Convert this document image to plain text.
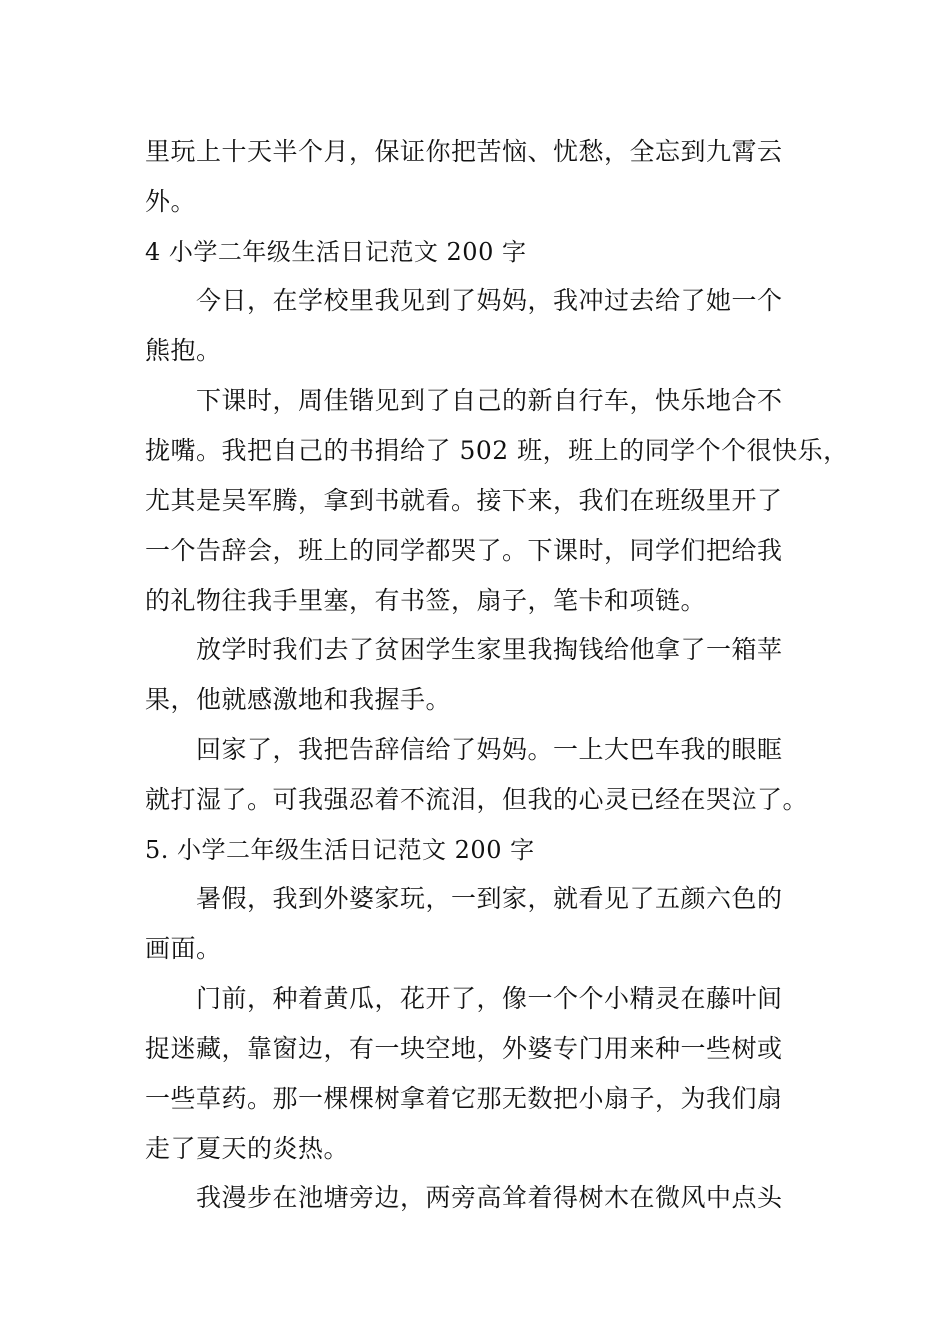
里玩上十天半个月，保证你把苦恼、忧愁，全忘到九霄云
外。
4 小学二年级生活日记范文 200 字
今日，在学校里我见到了妈妈，我冲过去给了她一个
熊抱。
下课时，周佳锴见到了自己的新自行车，快乐地合不
拢嘴。我把自己的书捐给了 502 班，班上的同学个个很快乐，
尤其是吴军腾，拿到书就看。接下来，我们在班级里开了
一个告辞会，班上的同学都哭了。下课时，同学们把给我
的礼物往我手里塞，有书签，扇子，笔卡和项链。
放学时我们去了贫困学生家里我掏钱给他拿了一箱苹
果，他就感激地和我握手。
回家了，我把告辞信给了妈妈。一上大巴车我的眼眶
就打湿了。可我强忍着不流泪，但我的心灵已经在哭泣了。
5. 小学二年级生活日记范文 200 字
暑假，我到外婆家玩，一到家，就看见了五颜六色的
画面。
门前，种着黄瓜，花开了，像一个个小精灵在藤叶间
捉迷藏，靠窗边，有一块空地，外婆专门用来种一些树或
一些草药。那一棵棵树拿着它那无数把小扇子，为我们扇
走了夏天的炎热。
我漫步在池塘旁边，两旁高耸着得树木在微风中点头
